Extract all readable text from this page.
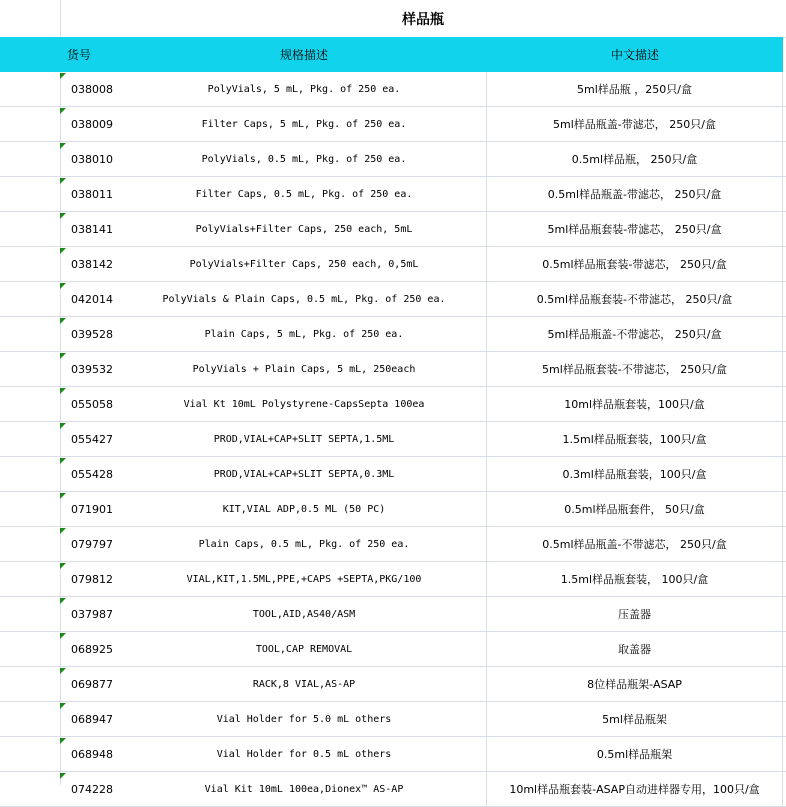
样品瓶
货号	规格描述	中文描述
038008	PolyVials, 5 mL, Pkg. of 250 ea.	5ml样品瓶 ，250只/盒
038009	Filter Caps, 5 mL, Pkg. of 250 ea.	5ml样品瓶盖-带滤芯， 250只/盒
038010	PolyVials, 0.5 mL, Pkg. of 250 ea.	0.5ml样品瓶， 250只/盒
038011	Filter Caps, 0.5 mL, Pkg. of 250 ea.	0.5ml样品瓶盖-带滤芯， 250只/盒
038141	PolyVials+Filter Caps, 250 each, 5mL	5ml样品瓶套装-带滤芯， 250只/盒
038142	PolyVials+Filter Caps, 250 each, 0,5mL	0.5ml样品瓶套装-带滤芯， 250只/盒
042014	PolyVials & Plain Caps, 0.5 mL, Pkg. of 250 ea.	0.5ml样品瓶套装-不带滤芯， 250只/盒
039528	Plain Caps, 5 mL, Pkg. of 250 ea.	5ml样品瓶盖-不带滤芯， 250只/盒
039532	PolyVials + Plain Caps, 5 mL, 250each	5ml样品瓶套装-不带滤芯， 250只/盒
055058	Vial Kt 10mL Polystyrene-CapsSepta 100ea	10ml样品瓶套装，100只/盒
055427	PROD,VIAL+CAP+SLIT SEPTA,1.5ML	1.5ml样品瓶套装，100只/盒
055428	PROD,VIAL+CAP+SLIT SEPTA,0.3ML	0.3ml样品瓶套装，100只/盒
071901	KIT,VIAL ADP,0.5 ML (50 PC)	0.5ml样品瓶套件， 50只/盒
079797	Plain Caps, 0.5 mL, Pkg. of 250 ea.	0.5ml样品瓶盖-不带滤芯， 250只/盒
079812	VIAL,KIT,1.5ML,PPE,+CAPS +SEPTA,PKG/100	1.5ml样品瓶套装， 100只/盒
037987	TOOL,AID,AS40/ASM	压盖器
068925	TOOL,CAP REMOVAL	取盖器
069877	RACK,8 VIAL,AS-AP	8位样品瓶架-ASAP
068947	Vial Holder for 5.0 mL others	5ml样品瓶架
068948	Vial Holder for 0.5 mL others	0.5ml样品瓶架
074228	Vial Kit 10mL 100ea,Dionex™ AS-AP	10ml样品瓶套装-ASAP自动进样器专用，100只/盒
